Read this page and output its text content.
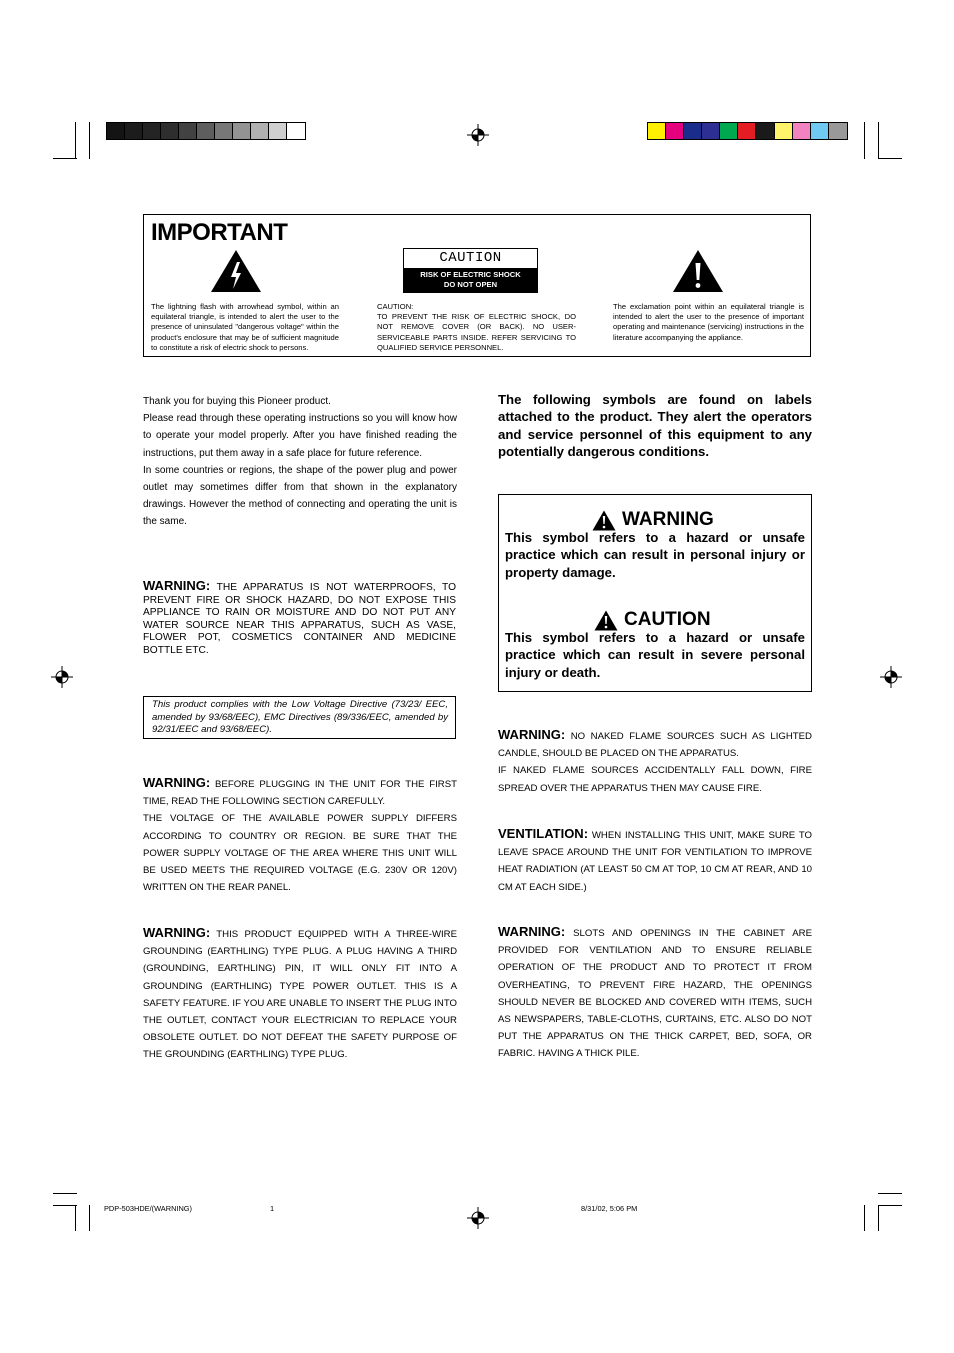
IMPORTANT
The lightning flash with arrowhead symbol, within an equilateral triangle, is intended to alert the user to the presence of uninsulated "dangerous voltage" within the product's enclosure that may be of sufficient magnitude to constitute a risk of electric shock to persons.
CAUTION
RISK OF ELECTRIC SHOCK
DO NOT OPEN
CAUTION:
TO PREVENT THE RISK OF ELECTRIC SHOCK, DO NOT REMOVE COVER (OR BACK). NO USER-SERVICEABLE PARTS INSIDE. REFER SERVICING TO QUALIFIED SERVICE PERSONNEL.
The exclamation point within an equilateral triangle is intended to alert the user to the presence of important operating and maintenance (servicing) instructions in the literature accompanying the appliance.

Thank you for buying this Pioneer product.

Please read through these operating instructions so you will know how to operate your model properly. After you have finished reading the instructions, put them away in a safe place for future reference.

In some countries or regions, the shape of the power plug and power outlet may sometimes differ from that shown in the explanatory drawings. However the method of connecting and operating the unit is the same.

WARNING: THE APPARATUS IS NOT WATERPROOFS, TO PREVENT FIRE OR SHOCK HAZARD, DO NOT EXPOSE THIS APPLIANCE TO RAIN OR MOISTURE AND DO NOT PUT ANY WATER SOURCE NEAR THIS APPARATUS, SUCH AS VASE, FLOWER POT, COSMETICS CONTAINER AND MEDICINE BOTTLE ETC.
This product complies with the Low Voltage Directive (73/23/ EEC, amended by 93/68/EEC), EMC Directives (89/336/EEC, amended by 92/31/EEC and 93/68/EEC).

WARNING: BEFORE PLUGGING IN THE UNIT FOR THE FIRST TIME, READ THE FOLLOWING SECTION CAREFULLY.

THE VOLTAGE OF THE AVAILABLE POWER SUPPLY DIFFERS ACCORDING TO COUNTRY OR REGION. BE SURE THAT THE POWER SUPPLY VOLTAGE OF THE AREA WHERE THIS UNIT WILL BE USED MEETS THE REQUIRED VOLTAGE (E.G. 230V OR 120V) WRITTEN ON THE REAR PANEL.

WARNING: THIS PRODUCT EQUIPPED WITH A THREE-WIRE GROUNDING (EARTHLING) TYPE PLUG. A PLUG HAVING A THIRD (GROUNDING, EARTHLING) PIN, IT WILL ONLY FIT INTO A GROUNDING (EARTHLING) TYPE POWER OUTLET. THIS IS A SAFETY FEATURE. IF YOU ARE UNABLE TO INSERT THE PLUG INTO THE OUTLET, CONTACT YOUR ELECTRICIAN TO REPLACE YOUR OBSOLETE OUTLET. DO NOT DEFEAT THE SAFETY PURPOSE OF THE GROUNDING (EARTHLING) TYPE PLUG.
The following symbols are found on labels attached to the product. They alert the operators and service personnel of this equipment to any potentially dangerous conditions.
WARNING
This symbol refers to a hazard or unsafe practice which can result in personal injury or property damage.
CAUTION
This symbol refers to a hazard or unsafe practice which can result in severe personal injury or death.

WARNING: NO NAKED FLAME SOURCES SUCH AS LIGHTED CANDLE, SHOULD BE PLACED ON THE APPARATUS.

IF NAKED FLAME SOURCES ACCIDENTALLY FALL DOWN, FIRE SPREAD OVER THE APPARATUS THEN MAY CAUSE FIRE.

VENTILATION: WHEN INSTALLING THIS UNIT, MAKE SURE TO LEAVE SPACE AROUND THE UNIT FOR VENTILATION TO IMPROVE HEAT RADIATION (AT LEAST 50 CM AT TOP, 10 CM AT REAR, AND 10 CM AT EACH SIDE.)
WARNING: SLOTS AND OPENINGS IN THE CABINET ARE PROVIDED FOR VENTILATION AND TO ENSURE RELIABLE OPERATION OF THE PRODUCT AND TO PROTECT IT FROM OVERHEATING, TO PREVENT FIRE HAZARD, THE OPENINGS SHOULD NEVER BE BLOCKED AND COVERED WITH ITEMS, SUCH AS NEWSPAPERS, TABLE-CLOTHS, CURTAINS, ETC. ALSO DO NOT PUT THE APPARATUS ON THE THICK CARPET, BED, SOFA, OR FABRIC. HAVING A THICK PILE.
PDP-503HDE/(WARNING)	1	8/31/02, 5:06 PM
